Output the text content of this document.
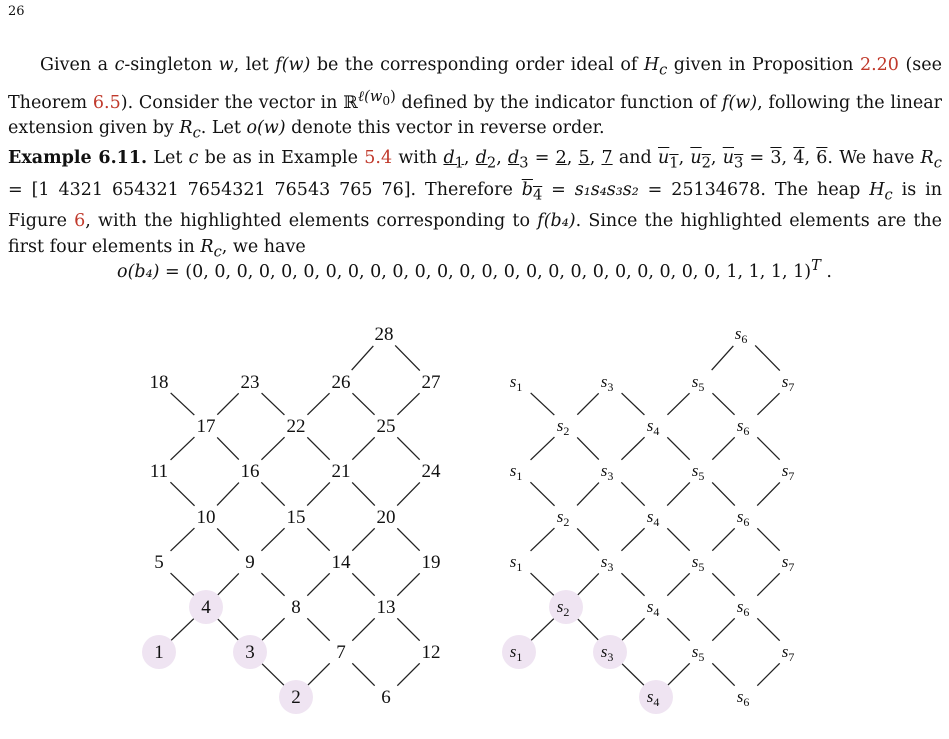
26
Given a c-singleton w, let f(w) be the corresponding order ideal of $H_c$ given in Proposition 2.20 (see Theorem 6.5). Consider the vector in ℝ$^{\ell(w_0)}$ defined by the indicator function of f(w), following the linear extension given by $R_c$. Let o(w) denote this vector in reverse order.
Example 6.11. Let c be as in Example 5.4 with $d_1$, $d_2$, $d_3 = 2$, 5, 7 and $u_1$, $u_2$, $u_3 = 3$, 4, 6. We have $R_c = [1$ 4321 654321 7654321 76543 765 76]. Therefore $b_4 = s_1s_4s_3s_2 = 25134678$. The heap $H_c$ is in Figure 6, with the highlighted elements corresponding to f(b₄). Since the highlighted elements are the first four elements in $R_c$, we have
o(b₄) = (0, 0, 0, 0, 0, 0, 0, 0, 0, 0, 0, 0, 0, 0, 0, 0, 0, 0, 0, 0, 0, 0, 0, 0, 1, 1, 1, 1)$^T$ .
1
2
3
4
5
6
7
8
9
10
11
12
13
14
15
16
17
18
19
20
21
22
23
24
25
26	27
28	$s_6$
$s_1$	$s_3$	$s_5$	$s_7$
$s_2$	$s_4$	$s_6$
$s_1$	$s_3$	$s_5$	$s_7$
$s_2$	$s_4$	$s_6$
$s_1$	$s_3$	$s_5$	$s_7$
$s_2$	$s_4$	$s_6$
$s_1$	$s_3$	$s_5$	$s_7$
$s_4$	$s_6$
